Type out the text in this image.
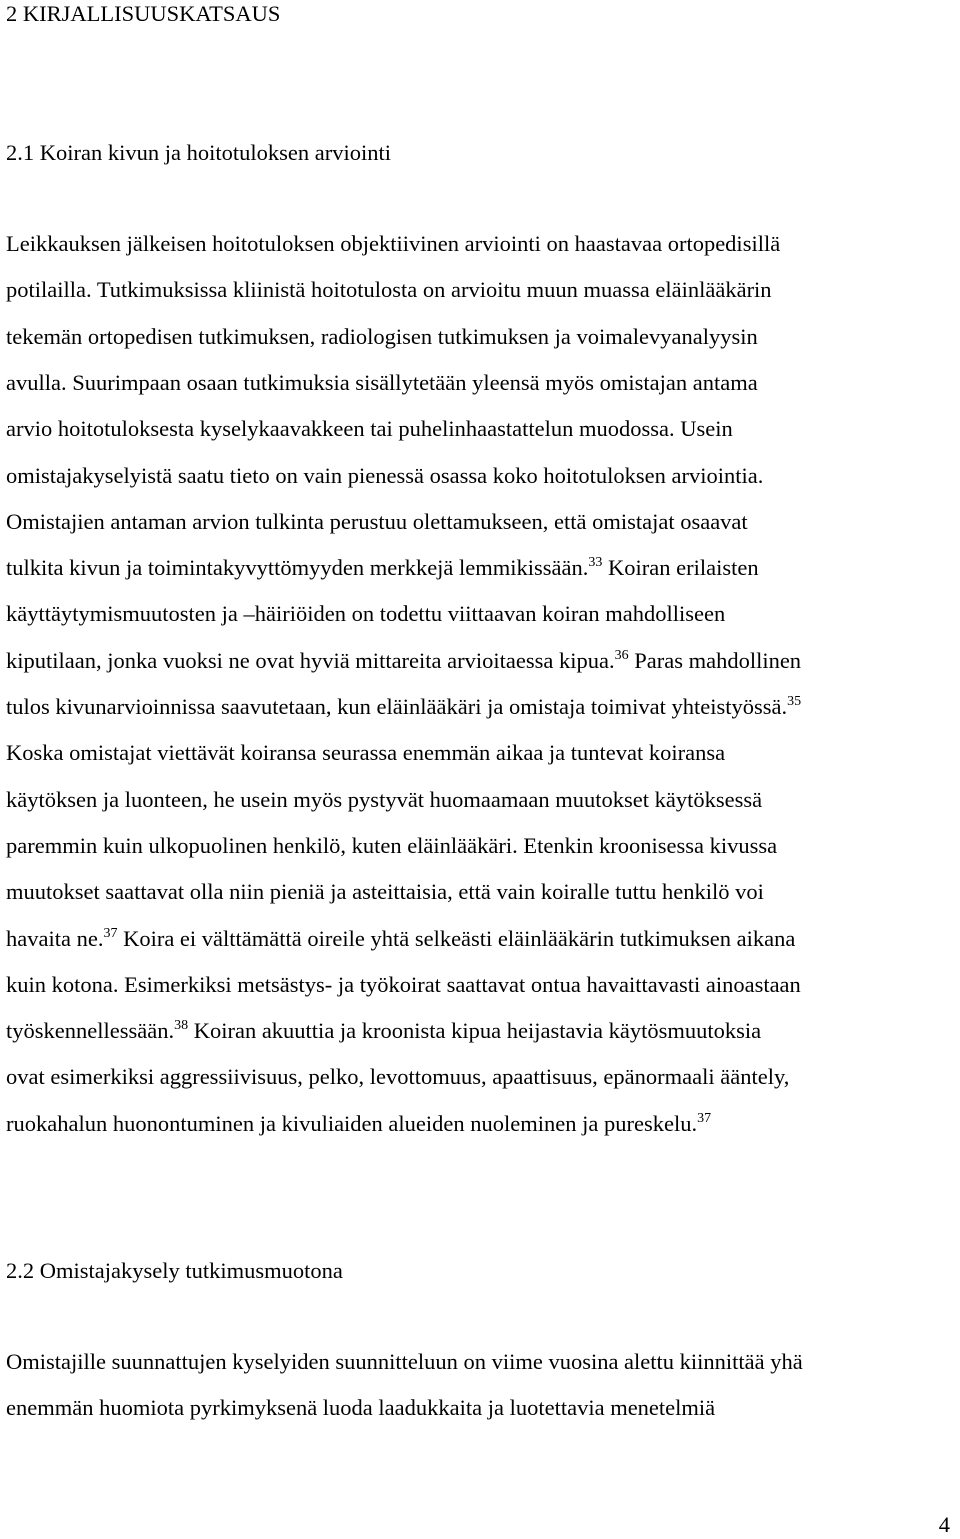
2 KIRJALLISUUSKATSAUS
2.1 Koiran kivun ja hoitotuloksen arviointi
Leikkauksen jälkeisen hoitotuloksen objektiivinen arviointi on haastavaa ortopedisillä
potilailla. Tutkimuksissa kliinistä hoitotulosta on arvioitu muun muassa eläinlääkärin
tekemän ortopedisen tutkimuksen, radiologisen tutkimuksen ja voimalevyanalyysin
avulla. Suurimpaan osaan tutkimuksia sisällytetään yleensä myös omistajan antama
arvio hoitotuloksesta kyselykaavakkeen tai puhelinhaastattelun muodossa. Usein
omistajakyselyistä saatu tieto on vain pienessä osassa koko hoitotuloksen arviointia.
Omistajien antaman arvion tulkinta perustuu olettamukseen, että omistajat osaavat
tulkita kivun ja toimintakyvyttömyyden merkkejä lemmikissään.$^{33}$ Koiran erilaisten
käyttäytymismuutosten ja –häiriöiden on todettu viittaavan koiran mahdolliseen
kiputilaan, jonka vuoksi ne ovat hyviä mittareita arvioitaessa kipua.$^{36}$ Paras mahdollinen
tulos kivunarvioinnissa saavutetaan, kun eläinlääkäri ja omistaja toimivat yhteistyössä.$^{35}$
Koska omistajat viettävät koiransa seurassa enemmän aikaa ja tuntevat koiransa
käytöksen ja luonteen, he usein myös pystyvät huomaamaan muutokset käytöksessä
paremmin kuin ulkopuolinen henkilö, kuten eläinlääkäri. Etenkin kroonisessa kivussa
muutokset saattavat olla niin pieniä ja asteittaisia, että vain koiralle tuttu henkilö voi
havaita ne.$^{37}$ Koira ei välttämättä oireile yhtä selkeästi eläinlääkärin tutkimuksen aikana
kuin kotona. Esimerkiksi metsästys- ja työkoirat saattavat ontua havaittavasti ainoastaan
työskennellessään.$^{38}$ Koiran akuuttia ja kroonista kipua heijastavia käytösmuutoksia
ovat esimerkiksi aggressiivisuus, pelko, levottomuus, apaattisuus, epänormaali ääntely,
ruokahalun huonontuminen ja kivuliaiden alueiden nuoleminen ja pureskelu.$^{37}$
2.2 Omistajakysely tutkimusmuotona
Omistajille suunnattujen kyselyiden suunnitteluun on viime vuosina alettu kiinnittää yhä
enemmän huomiota pyrkimyksenä luoda laadukkaita ja luotettavia menetelmiä
4
